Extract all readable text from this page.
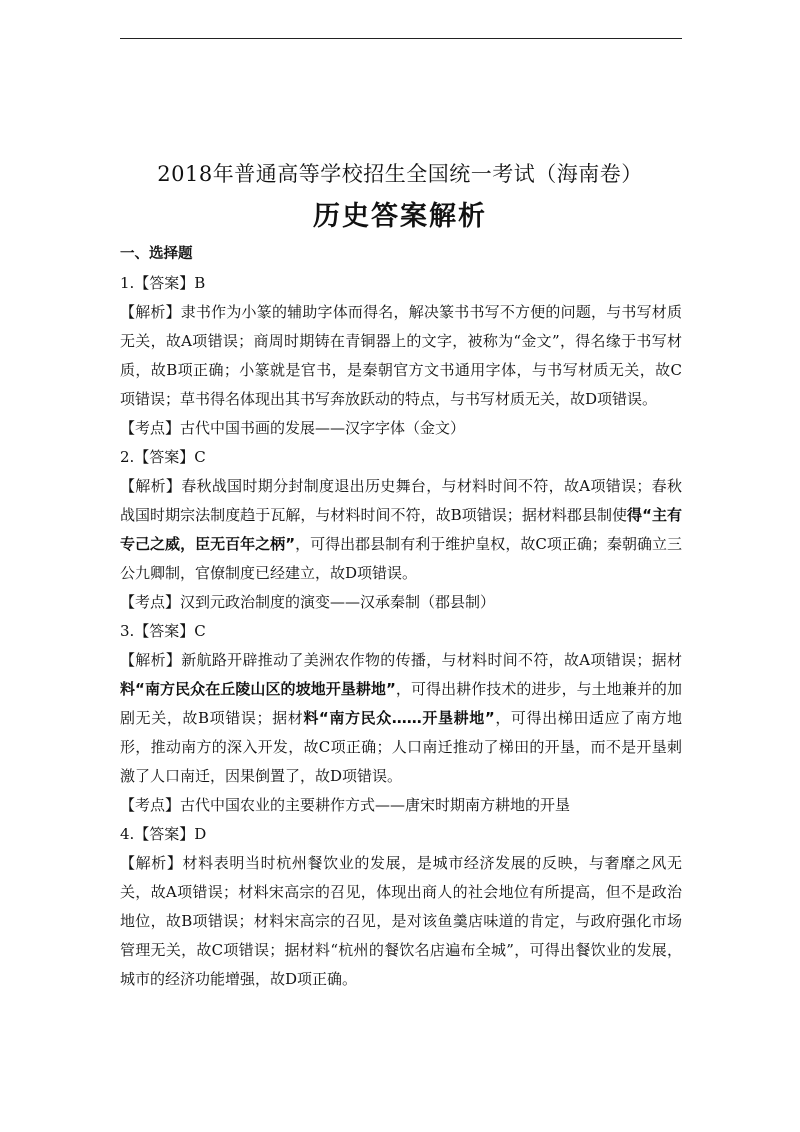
2018年普通高等学校招生全国统一考试（海南卷）
历史答案解析

一、选择题

1.【答案】B

【解析】隶书作为小篆的辅助字体而得名，解决篆书书写不方便的问题，与书写材质无关，故A项错误；商周时期铸在青铜器上的文字，被称为“金文”，得名缘于书写材质，故B项正确；小篆就是官书，是秦朝官方文书通用字体，与书写材质无关，故C项错误；草书得名体现出其书写奔放跃动的特点，与书写材质无关，故D项错误。

【考点】古代中国书画的发展——汉字字体（金文）

2.【答案】C

【解析】春秋战国时期分封制度退出历史舞台，与材料时间不符，故A项错误；春秋战国时期宗法制度趋于瓦解，与材料时间不符，故B项错误；据材料郡县制使得“主有专己之威，臣无百年之柄”，可得出郡县制有利于维护皇权，故C项正确；秦朝确立三公九卿制，官僚制度已经建立，故D项错误。

【考点】汉到元政治制度的演变——汉承秦制（郡县制）

3.【答案】C

【解析】新航路开辟推动了美洲农作物的传播，与材料时间不符，故A项错误；据材料“南方民众在丘陵山区的坡地开垦耕地”，可得出耕作技术的进步，与土地兼并的加剧无关，故B项错误；据材料“南方民众……开垦耕地”，可得出梯田适应了南方地形，推动南方的深入开发，故C项正确；人口南迁推动了梯田的开垦，而不是开垦刺激了人口南迁，因果倒置了，故D项错误。

【考点】古代中国农业的主要耕作方式——唐宋时期南方耕地的开垦

4.【答案】D

【解析】材料表明当时杭州餐饮业的发展，是城市经济发展的反映，与奢靡之风无关，故A项错误；材料宋高宗的召见，体现出商人的社会地位有所提高，但不是政治地位，故B项错误；材料宋高宗的召见，是对该鱼羹店味道的肯定，与政府强化市场管理无关，故C项错误；据材料“杭州的餐饮名店遍布全城”，可得出餐饮业的发展，城市的经济功能增强，故D项正确。
